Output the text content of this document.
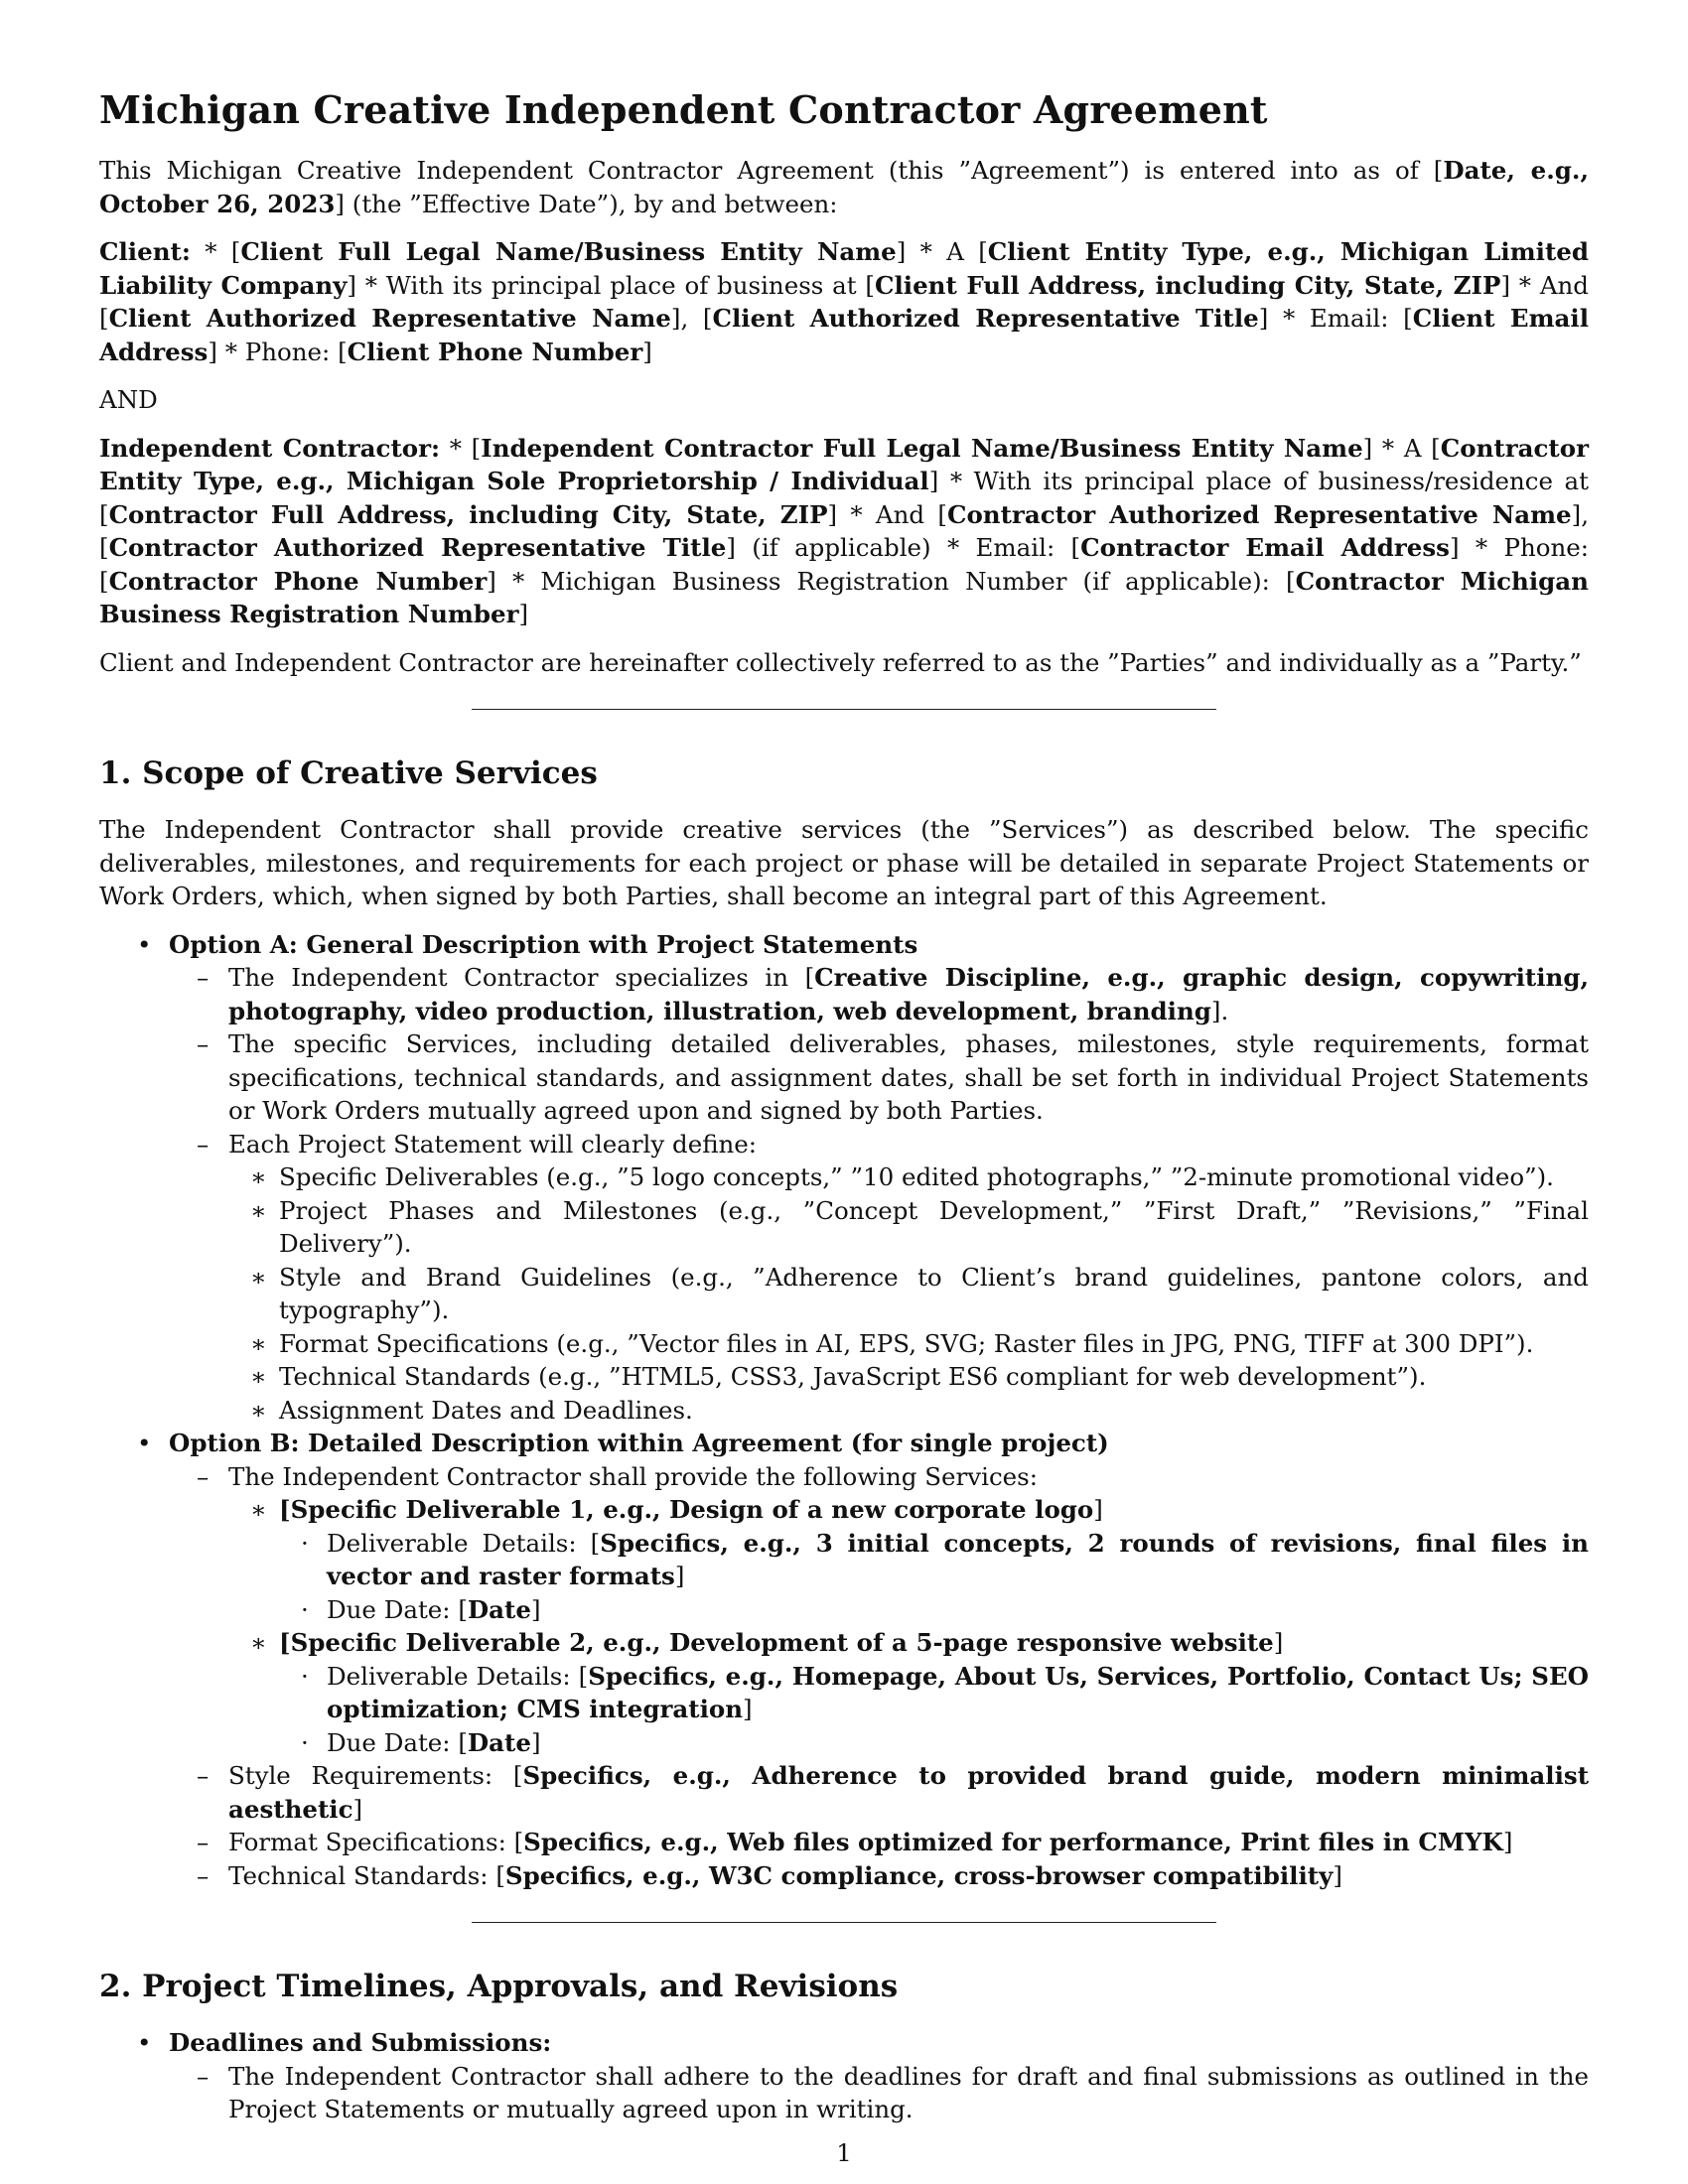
Michigan Creative Independent Contractor Agreement

This Michigan Creative Independent Contractor Agreement (this ”Agreement”) is entered into as of [Date, e.g., October 26, 2023] (the ”Effective Date”), by and between:

Client: * [Client Full Legal Name/Business Entity Name] * A [Client Entity Type, e.g., Michigan Limited Liability Company] * With its principal place of business at [Client Full Address, including City, State, ZIP] * And [Client Authorized Representative Name], [Client Authorized Representative Title] * Email: [Client Email Address] * Phone: [Client Phone Number]

AND

Independent Contractor: * [Independent Contractor Full Legal Name/Business Entity Name] * A [Contractor Entity Type, e.g., Michigan Sole Proprietorship / Individual] * With its principal place of business/residence at [Contractor Full Address, including City, State, ZIP] * And [Contractor Authorized Representative Name], [Contractor Authorized Representative Title] (if applicable) * Email: [Contractor Email Address] * Phone: [Contractor Phone Number] * Michigan Business Registration Number (if applicable): [Contractor Michigan Business Registration Number]

Client and Independent Contractor are hereinafter collectively referred to as the ”Parties” and individually as a ”Party.”

1. Scope of Creative Services

The Independent Contractor shall provide creative services (the ”Services”) as described below. The specific deliverables, milestones, and requirements for each project or phase will be detailed in separate Project Statements or Work Orders, which, when signed by both Parties, shall become an integral part of this Agreement.

• Option A: General Description with Project Statements
– The Independent Contractor specializes in [Creative Discipline, e.g., graphic design, copywriting, photography, video production, illustration, web development, branding].
– The specific Services, including detailed deliverables, phases, milestones, style requirements, format specifications, technical standards, and assignment dates, shall be set forth in individual Project Statements or Work Orders mutually agreed upon and signed by both Parties.
– Each Project Statement will clearly define:
∗ Specific Deliverables (e.g., ”5 logo concepts,” ”10 edited photographs,” ”2-minute promotional video”).
∗ Project Phases and Milestones (e.g., ”Concept Development,” ”First Draft,” ”Revisions,” ”Final Delivery”).
∗ Style and Brand Guidelines (e.g., ”Adherence to Client’s brand guidelines, pantone colors, and typography”).
∗ Format Specifications (e.g., ”Vector files in AI, EPS, SVG; Raster files in JPG, PNG, TIFF at 300 DPI”).
∗ Technical Standards (e.g., ”HTML5, CSS3, JavaScript ES6 compliant for web development”).
∗ Assignment Dates and Deadlines.
• Option B: Detailed Description within Agreement (for single project)
– The Independent Contractor shall provide the following Services:
∗ [Specific Deliverable 1, e.g., Design of a new corporate logo]
· Deliverable Details: [Specifics, e.g., 3 initial concepts, 2 rounds of revisions, final files in vector and raster formats]
· Due Date: [Date]
∗ [Specific Deliverable 2, e.g., Development of a 5-page responsive website]
· Deliverable Details: [Specifics, e.g., Homepage, About Us, Services, Portfolio, Contact Us; SEO optimization; CMS integration]
· Due Date: [Date]
– Style Requirements: [Specifics, e.g., Adherence to provided brand guide, modern minimalist aesthetic]
– Format Specifications: [Specifics, e.g., Web files optimized for performance, Print files in CMYK]
– Technical Standards: [Specifics, e.g., W3C compliance, cross-browser compatibility]
2. Project Timelines, Approvals, and Revisions
• Deadlines and Submissions:
– The Independent Contractor shall adhere to the deadlines for draft and final submissions as outlined in the Project Statements or mutually agreed upon in writing.
1
